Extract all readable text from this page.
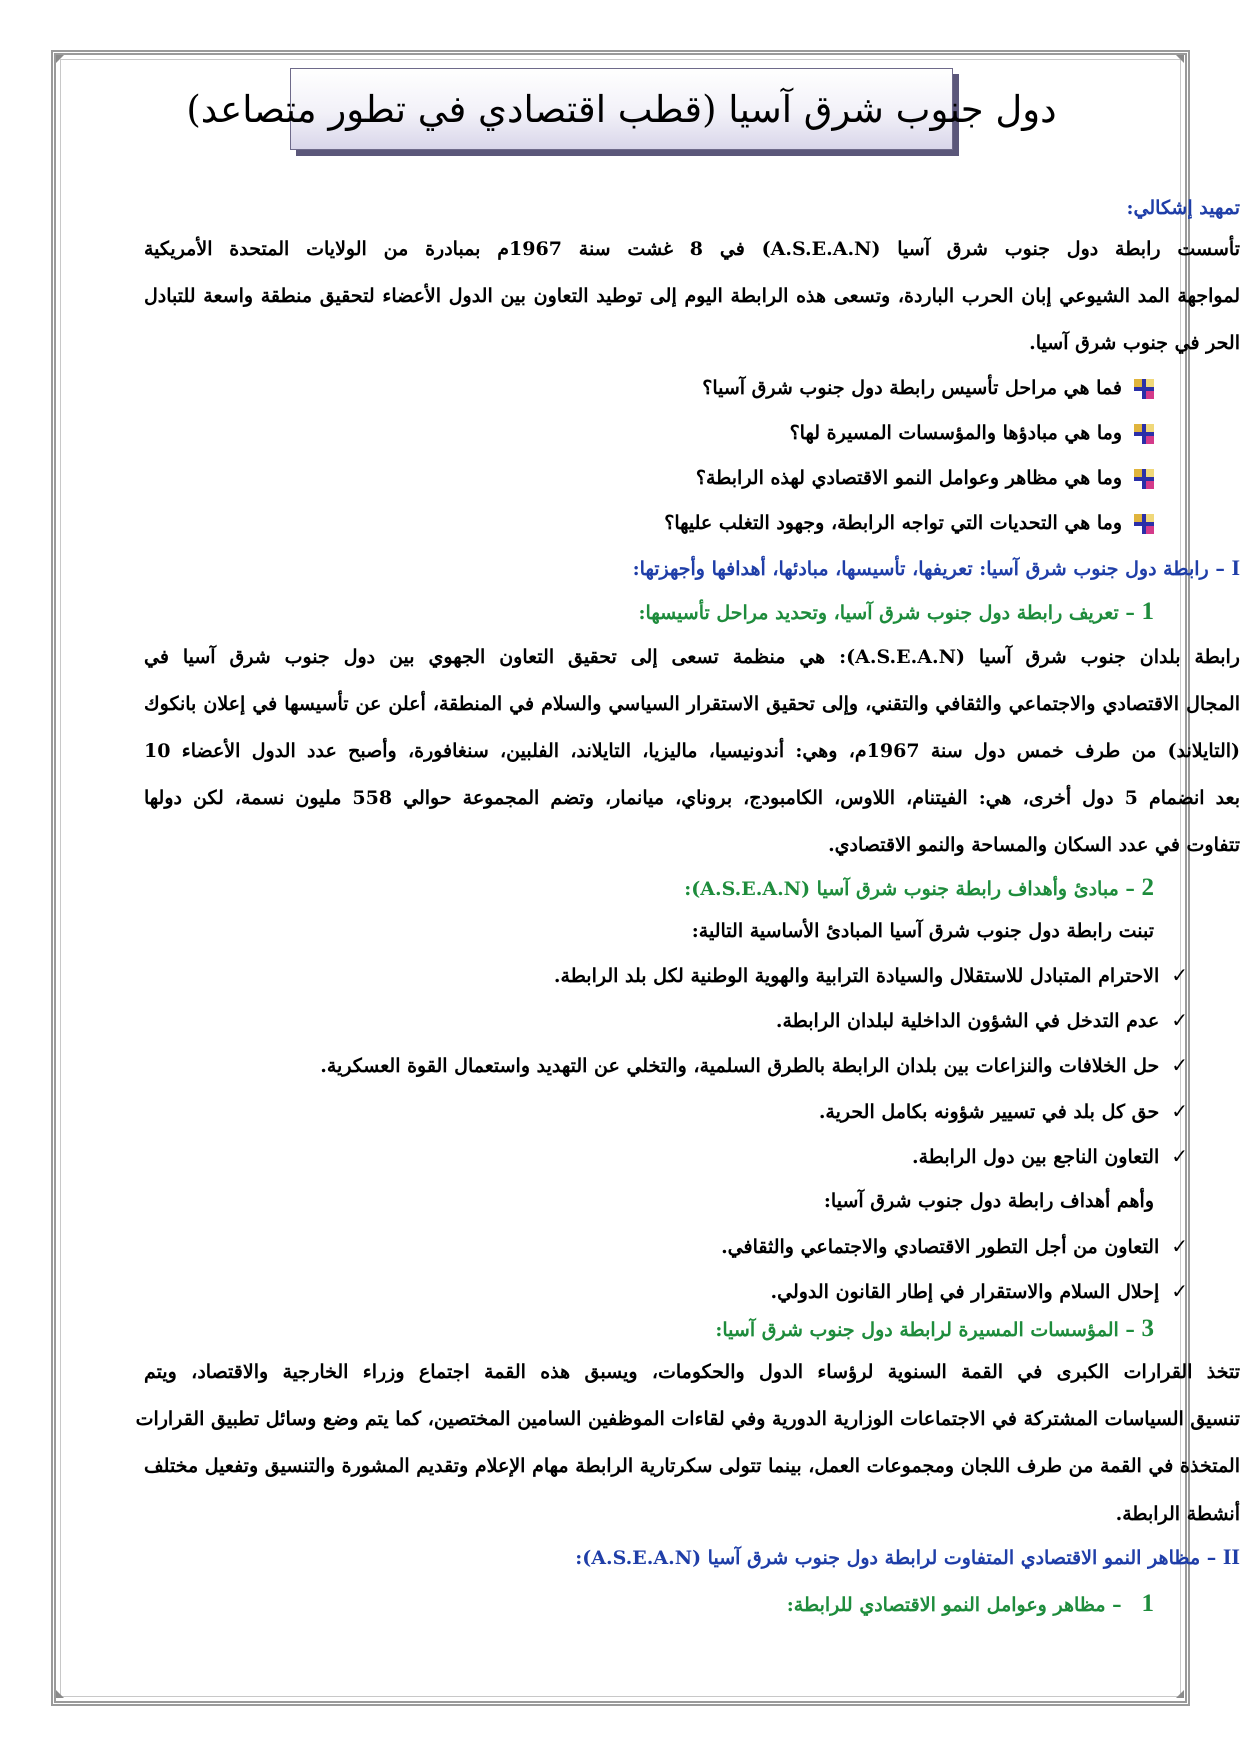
دول جنوب شرق آسيا (قطب اقتصادي في تطور متصاعد)
تمهيد إشكالي:
تأسست رابطة دول جنوب شرق آسيا (A.S.E.A.N) في 8 غشت سنة 1967م بمبادرة من الولايات المتحدة الأمريكية
لمواجهة المد الشيوعي إبان الحرب الباردة، وتسعى هذه الرابطة اليوم إلى توطيد التعاون بين الدول الأعضاء لتحقيق منطقة واسعة للتبادل
الحر في جنوب شرق آسيا.
فما هي مراحل تأسيس رابطة دول جنوب شرق آسيا؟
وما هي مبادؤها والمؤسسات المسيرة لها؟
وما هي مظاهر وعوامل النمو الاقتصادي لهذه الرابطة؟
وما هي التحديات التي تواجه الرابطة، وجهود التغلب عليها؟
I – رابطة دول جنوب شرق آسيا: تعريفها، تأسيسها، مبادئها، أهدافها وأجهزتها:
1 – تعريف رابطة دول جنوب شرق آسيا، وتحديد مراحل تأسيسها:
رابطة بلدان جنوب شرق آسيا (A.S.E.A.N): هي منظمة تسعى إلى تحقيق التعاون الجهوي بين دول جنوب شرق آسيا في
المجال الاقتصادي والاجتماعي والثقافي والتقني، وإلى تحقيق الاستقرار السياسي والسلام في المنطقة، أعلن عن تأسيسها في إعلان بانكوك
(التايلاند) من طرف خمس دول سنة 1967م، وهي: أندونيسيا، ماليزيا، التايلاند، الفلبين، سنغافورة، وأصبح عدد الدول الأعضاء 10
بعد انضمام 5 دول أخرى، هي: الفيتنام، اللاوس، الكامبودج، بروناي، ميانمار، وتضم المجموعة حوالي 558 مليون نسمة، لكن دولها
تتفاوت في عدد السكان والمساحة والنمو الاقتصادي.
2 – مبادئ وأهداف رابطة جنوب شرق آسيا (A.S.E.A.N):
تبنت رابطة دول جنوب شرق آسيا المبادئ الأساسية التالية:
✓الاحترام المتبادل للاستقلال والسيادة الترابية والهوية الوطنية لكل بلد الرابطة.
✓عدم التدخل في الشؤون الداخلية لبلدان الرابطة.
✓حل الخلافات والنزاعات بين بلدان الرابطة بالطرق السلمية، والتخلي عن التهديد واستعمال القوة العسكرية.
✓حق كل بلد في تسيير شؤونه بكامل الحرية.
✓التعاون الناجع بين دول الرابطة.
وأهم أهداف رابطة دول جنوب شرق آسيا:
✓التعاون من أجل التطور الاقتصادي والاجتماعي والثقافي.
✓إحلال السلام والاستقرار في إطار القانون الدولي.
3 – المؤسسات المسيرة لرابطة دول جنوب شرق آسيا:
تتخذ القرارات الكبرى في القمة السنوية لرؤساء الدول والحكومات، ويسبق هذه القمة اجتماع وزراء الخارجية والاقتصاد، ويتم
تنسيق السياسات المشتركة في الاجتماعات الوزارية الدورية وفي لقاءات الموظفين السامين المختصين، كما يتم وضع وسائل تطبيق القرارات
المتخذة في القمة من طرف اللجان ومجموعات العمل، بينما تتولى سكرتارية الرابطة مهام الإعلام وتقديم المشورة والتنسيق وتفعيل مختلف
أنشطة الرابطة.
II – مظاهر النمو الاقتصادي المتفاوت لرابطة دول جنوب شرق آسيا (A.S.E.A.N):
1   – مظاهر وعوامل النمو الاقتصادي للرابطة:
